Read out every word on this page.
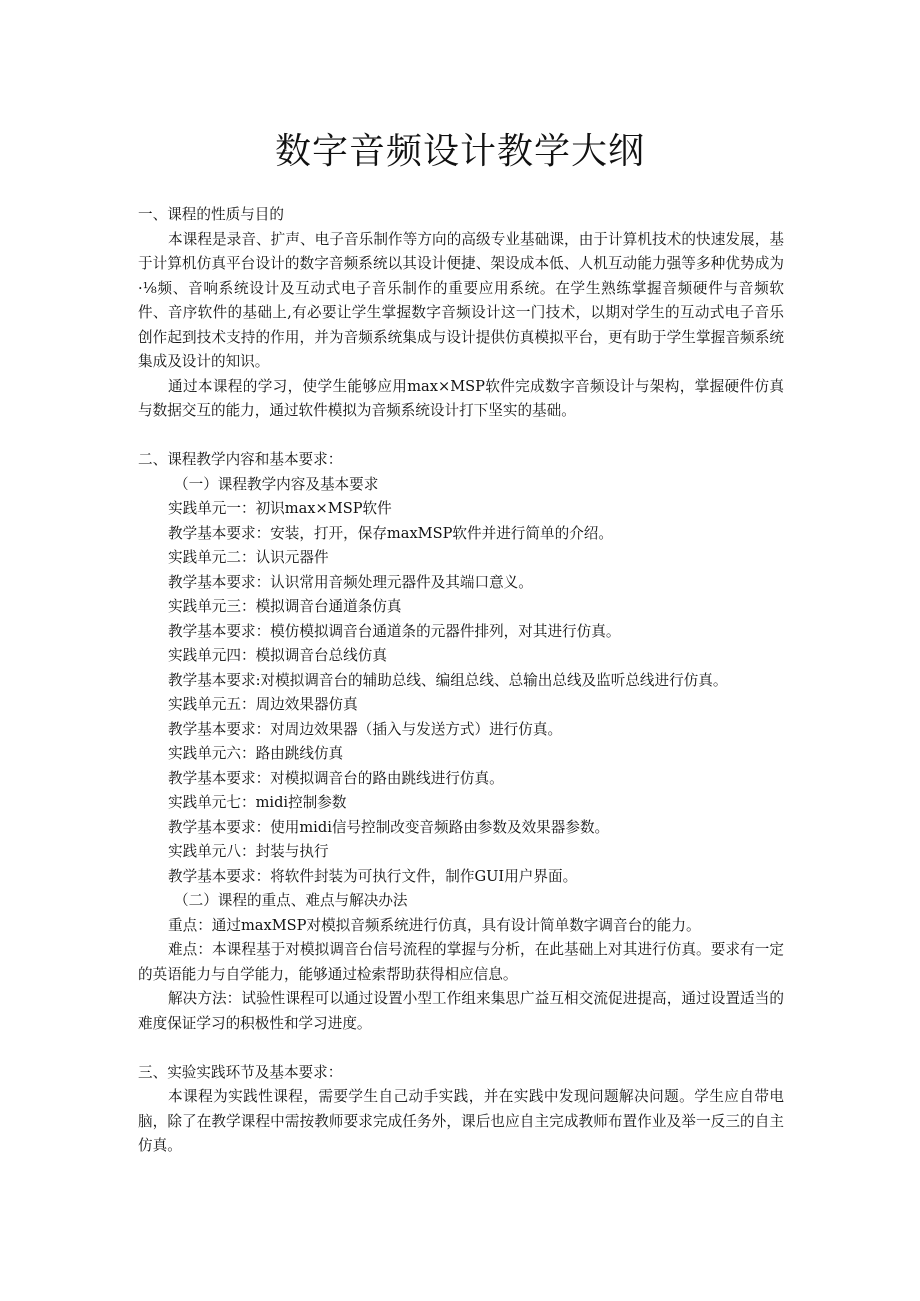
数字音频设计教学大纲

一、课程的性质与目的

本课程是录音、扩声、电子音乐制作等方向的高级专业基础课，由于计算机技术的快速发展，基于计算机仿真平台设计的数字音频系统以其设计便捷、架设成本低、人机互动能力强等多种优势成为·⅛频、音响系统设计及互动式电子音乐制作的重要应用系统。在学生熟练掌握音频硬件与音频软件、音序软件的基础上,有必要让学生掌握数字音频设计这一门技术，以期对学生的互动式电子音乐创作起到技术支持的作用，并为音频系统集成与设计提供仿真模拟平台，更有助于学生掌握音频系统集成及设计的知识。

通过本课程的学习，使学生能够应用max×MSP软件完成数字音频设计与架构，掌握硬件仿真与数据交互的能力，通过软件模拟为音频系统设计打下坚实的基础。

二、课程教学内容和基本要求：

（一）课程教学内容及基本要求

实践单元一：初识max×MSP软件

教学基本要求：安装，打开，保存maxMSP软件并进行简单的介绍。

实践单元二：认识元器件

教学基本要求：认识常用音频处理元器件及其端口意义。

实践单元三：模拟调音台通道条仿真

教学基本要求：模仿模拟调音台通道条的元器件排列，对其进行仿真。

实践单元四：模拟调音台总线仿真

教学基本要求:对模拟调音台的辅助总线、编组总线、总输出总线及监听总线进行仿真。

实践单元五：周边效果器仿真

教学基本要求：对周边效果器（插入与发送方式）进行仿真。

实践单元六：路由跳线仿真

教学基本要求：对模拟调音台的路由跳线进行仿真。

实践单元七：midi控制参数

教学基本要求：使用midi信号控制改变音频路由参数及效果器参数。

实践单元八：封装与执行

教学基本要求：将软件封装为可执行文件，制作GUI用户界面。

（二）课程的重点、难点与解决办法

重点：通过maxMSP对模拟音频系统进行仿真，具有设计简单数字调音台的能力。

难点：本课程基于对模拟调音台信号流程的掌握与分析，在此基础上对其进行仿真。要求有一定的英语能力与自学能力，能够通过检索帮助获得相应信息。

解决方法：试验性课程可以通过设置小型工作组来集思广益互相交流促进提高，通过设置适当的难度保证学习的积极性和学习进度。

三、实验实践环节及基本要求：

本课程为实践性课程，需要学生自己动手实践，并在实践中发现问题解决问题。学生应自带电脑，除了在教学课程中需按教师要求完成任务外，课后也应自主完成教师布置作业及举一反三的自主仿真。
